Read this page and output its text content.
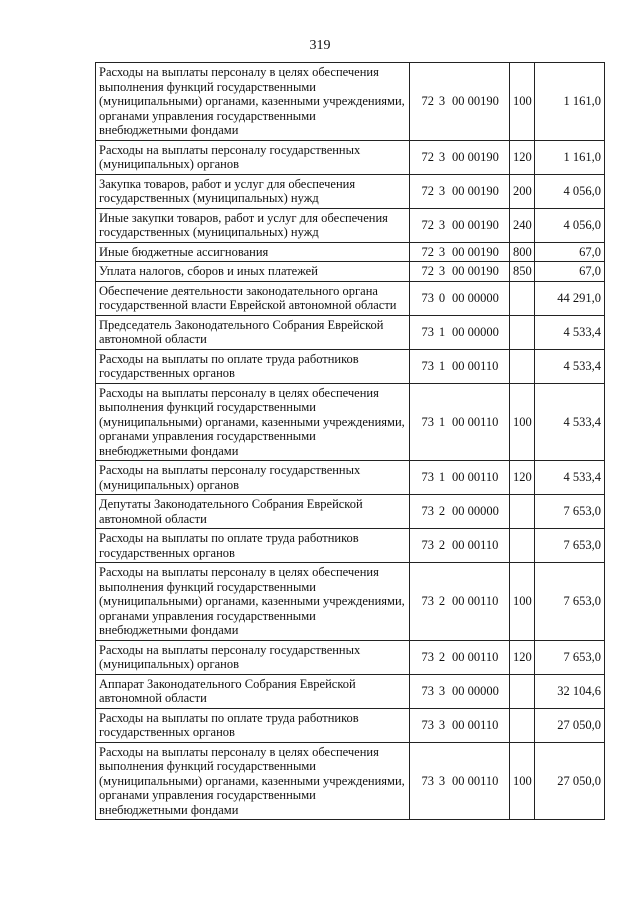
319
Расходы на выплаты персоналу в целях обеспечения выполнения функций государственными (муниципальными) органами, казенными учреждениями, органами управления государственными внебюджетными фондами	72 3 00 00190	100	1 161,0
Расходы на выплаты персоналу государственных (муниципальных) органов	72 3 00 00190	120	1 161,0
Закупка товаров, работ и услуг для обеспечения государственных (муниципальных) нужд	72 3 00 00190	200	4 056,0
Иные закупки товаров, работ и услуг для обеспечения государственных (муниципальных) нужд	72 3 00 00190	240	4 056,0
Иные бюджетные ассигнования	72 3 00 00190	800	67,0
Уплата налогов, сборов и иных платежей	72 3 00 00190	850	67,0
Обеспечение деятельности законодательного органа государственной власти Еврейской автономной области	73 0 00 00000		44 291,0
Председатель Законодательного Собрания Еврейской автономной области	73 1 00 00000		4 533,4
Расходы на выплаты по оплате труда работников государственных органов	73 1 00 00110		4 533,4
Расходы на выплаты персоналу в целях обеспечения выполнения функций государственными (муниципальными) органами, казенными учреждениями, органами управления государственными внебюджетными фондами	73 1 00 00110	100	4 533,4
Расходы на выплаты персоналу государственных (муниципальных) органов	73 1 00 00110	120	4 533,4
Депутаты Законодательного Собрания Еврейской автономной области	73 2 00 00000		7 653,0
Расходы на выплаты по оплате труда работников государственных органов	73 2 00 00110		7 653,0
Расходы на выплаты персоналу в целях обеспечения выполнения функций государственными (муниципальными) органами, казенными учреждениями, органами управления государственными внебюджетными фондами	73 2 00 00110	100	7 653,0
Расходы на выплаты персоналу государственных (муниципальных) органов	73 2 00 00110	120	7 653,0
Аппарат Законодательного Собрания Еврейской автономной области	73 3 00 00000		32 104,6
Расходы на выплаты по оплате труда работников государственных органов	73 3 00 00110		27 050,0
Расходы на выплаты персоналу в целях обеспечения выполнения функций государственными (муниципальными) органами, казенными учреждениями, органами управления государственными внебюджетными фондами	73 3 00 00110	100	27 050,0
